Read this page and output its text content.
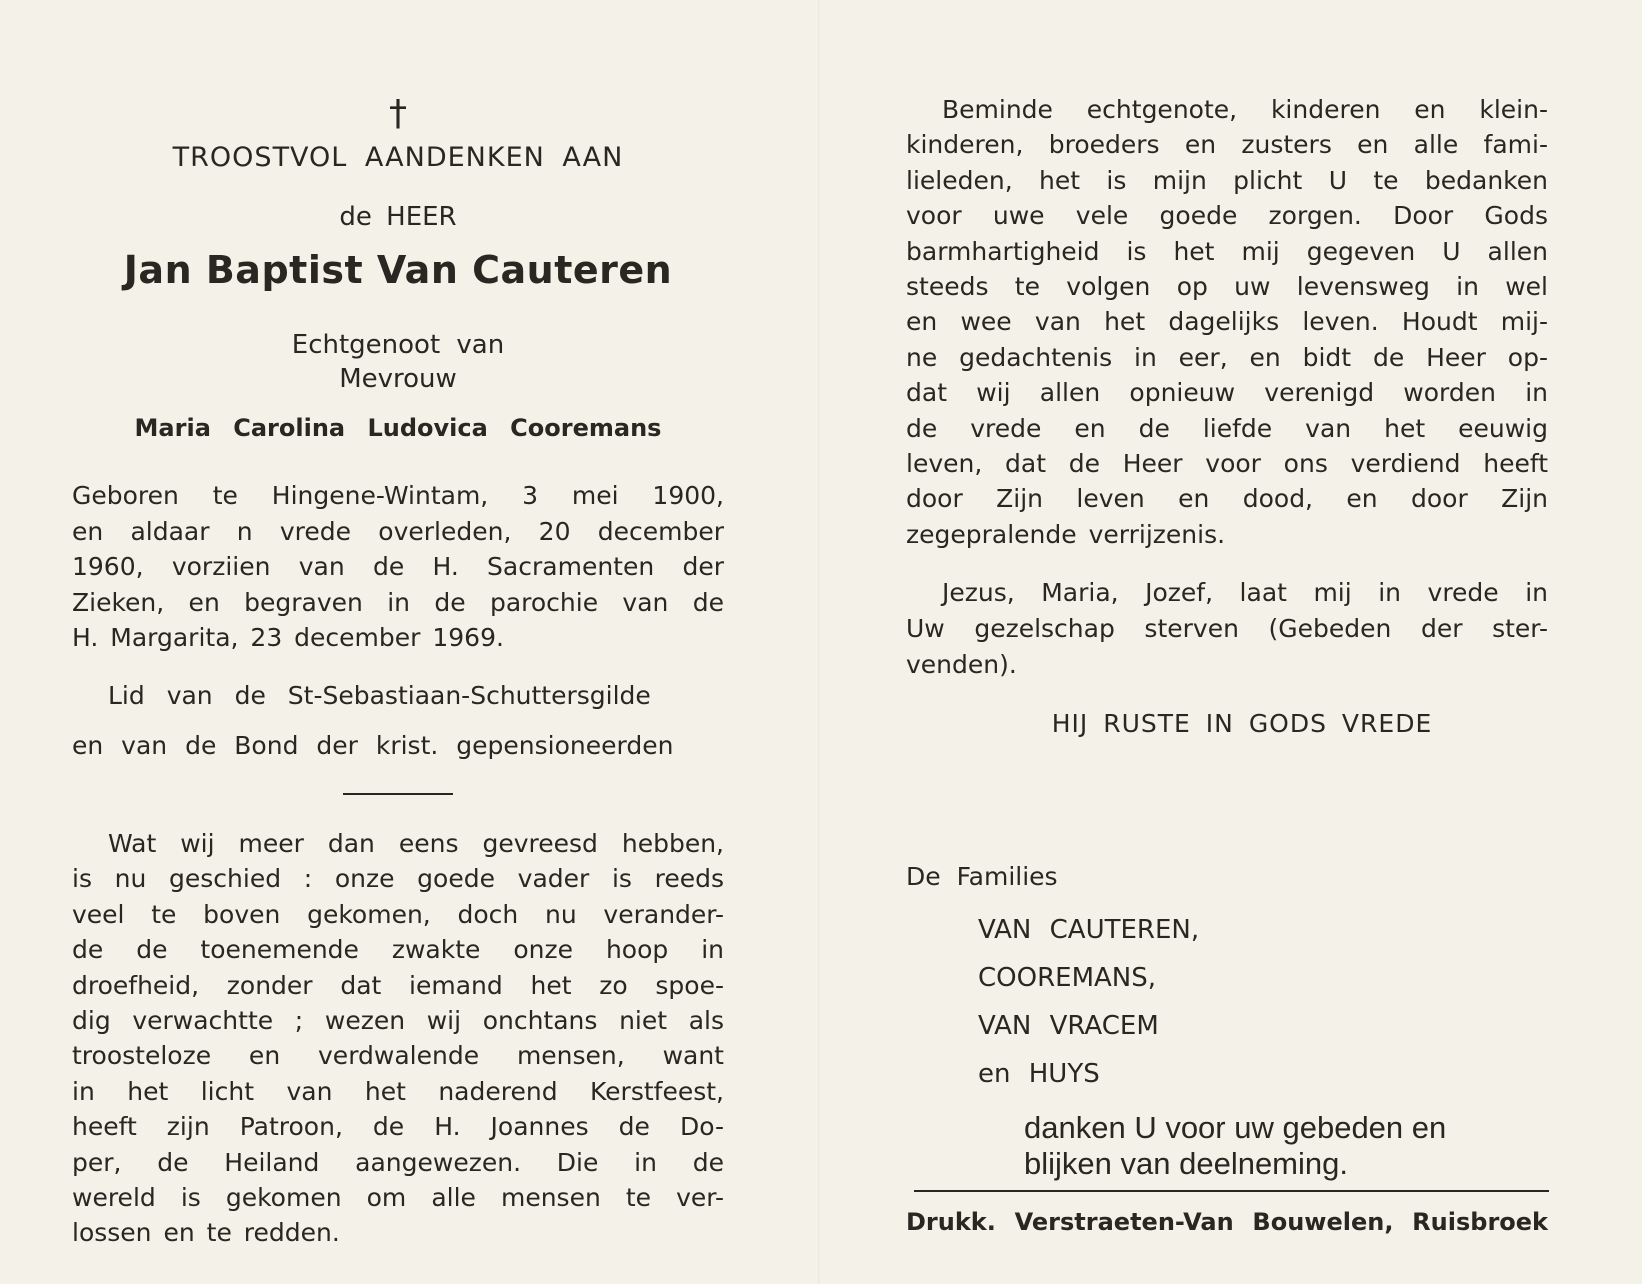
†
TROOSTVOL AANDENKEN AAN
de HEER
Jan Baptist Van Cauteren
Echtgenoot van
Mevrouw
Maria Carolina Ludovica Cooremans
Geboren te Hingene-Wintam, 3 mei 1900,
en aldaar n vrede overleden, 20 december
1960, vorziien van de H. Sacramenten der
Zieken, en begraven in de parochie van de
H. Margarita, 23 december 1969.
Lid van de St-Sebastiaan-Schuttersgilde
en van de Bond der krist. gepensioneerden
Wat wij meer dan eens gevreesd hebben,
is nu geschied : onze goede vader is reeds
veel te boven gekomen, doch nu verander-
de de toenemende zwakte onze hoop in
droefheid, zonder dat iemand het zo spoe-
dig verwachtte ; wezen wij onchtans niet als
troosteloze en verdwalende mensen, want
in het licht van het naderend Kerstfeest,
heeft zijn Patroon, de H. Joannes de Do-
per, de Heiland aangewezen. Die in de
wereld is gekomen om alle mensen te ver-
lossen en te redden.
Beminde echtgenote, kinderen en klein-
kinderen, broeders en zusters en alle fami-
lieleden, het is mijn plicht U te bedanken
voor uwe vele goede zorgen. Door Gods
barmhartigheid is het mij gegeven U allen
steeds te volgen op uw levensweg in wel
en wee van het dagelijks leven. Houdt mij-
ne gedachtenis in eer, en bidt de Heer op-
dat wij allen opnieuw verenigd worden in
de vrede en de liefde van het eeuwig
leven, dat de Heer voor ons verdiend heeft
door Zijn leven en dood, en door Zijn
zegepralende verrijzenis.
Jezus, Maria, Jozef, laat mij in vrede in
Uw gezelschap sterven (Gebeden der ster-
venden).
HIJ RUSTE IN GODS VREDE
De Families
VAN CAUTEREN,
COOREMANS,
VAN VRACEM
en HUYS
danken U voor uw gebeden en
blijken van deelneming.
Drukk. Verstraeten-Van Bouwelen, Ruisbroek
